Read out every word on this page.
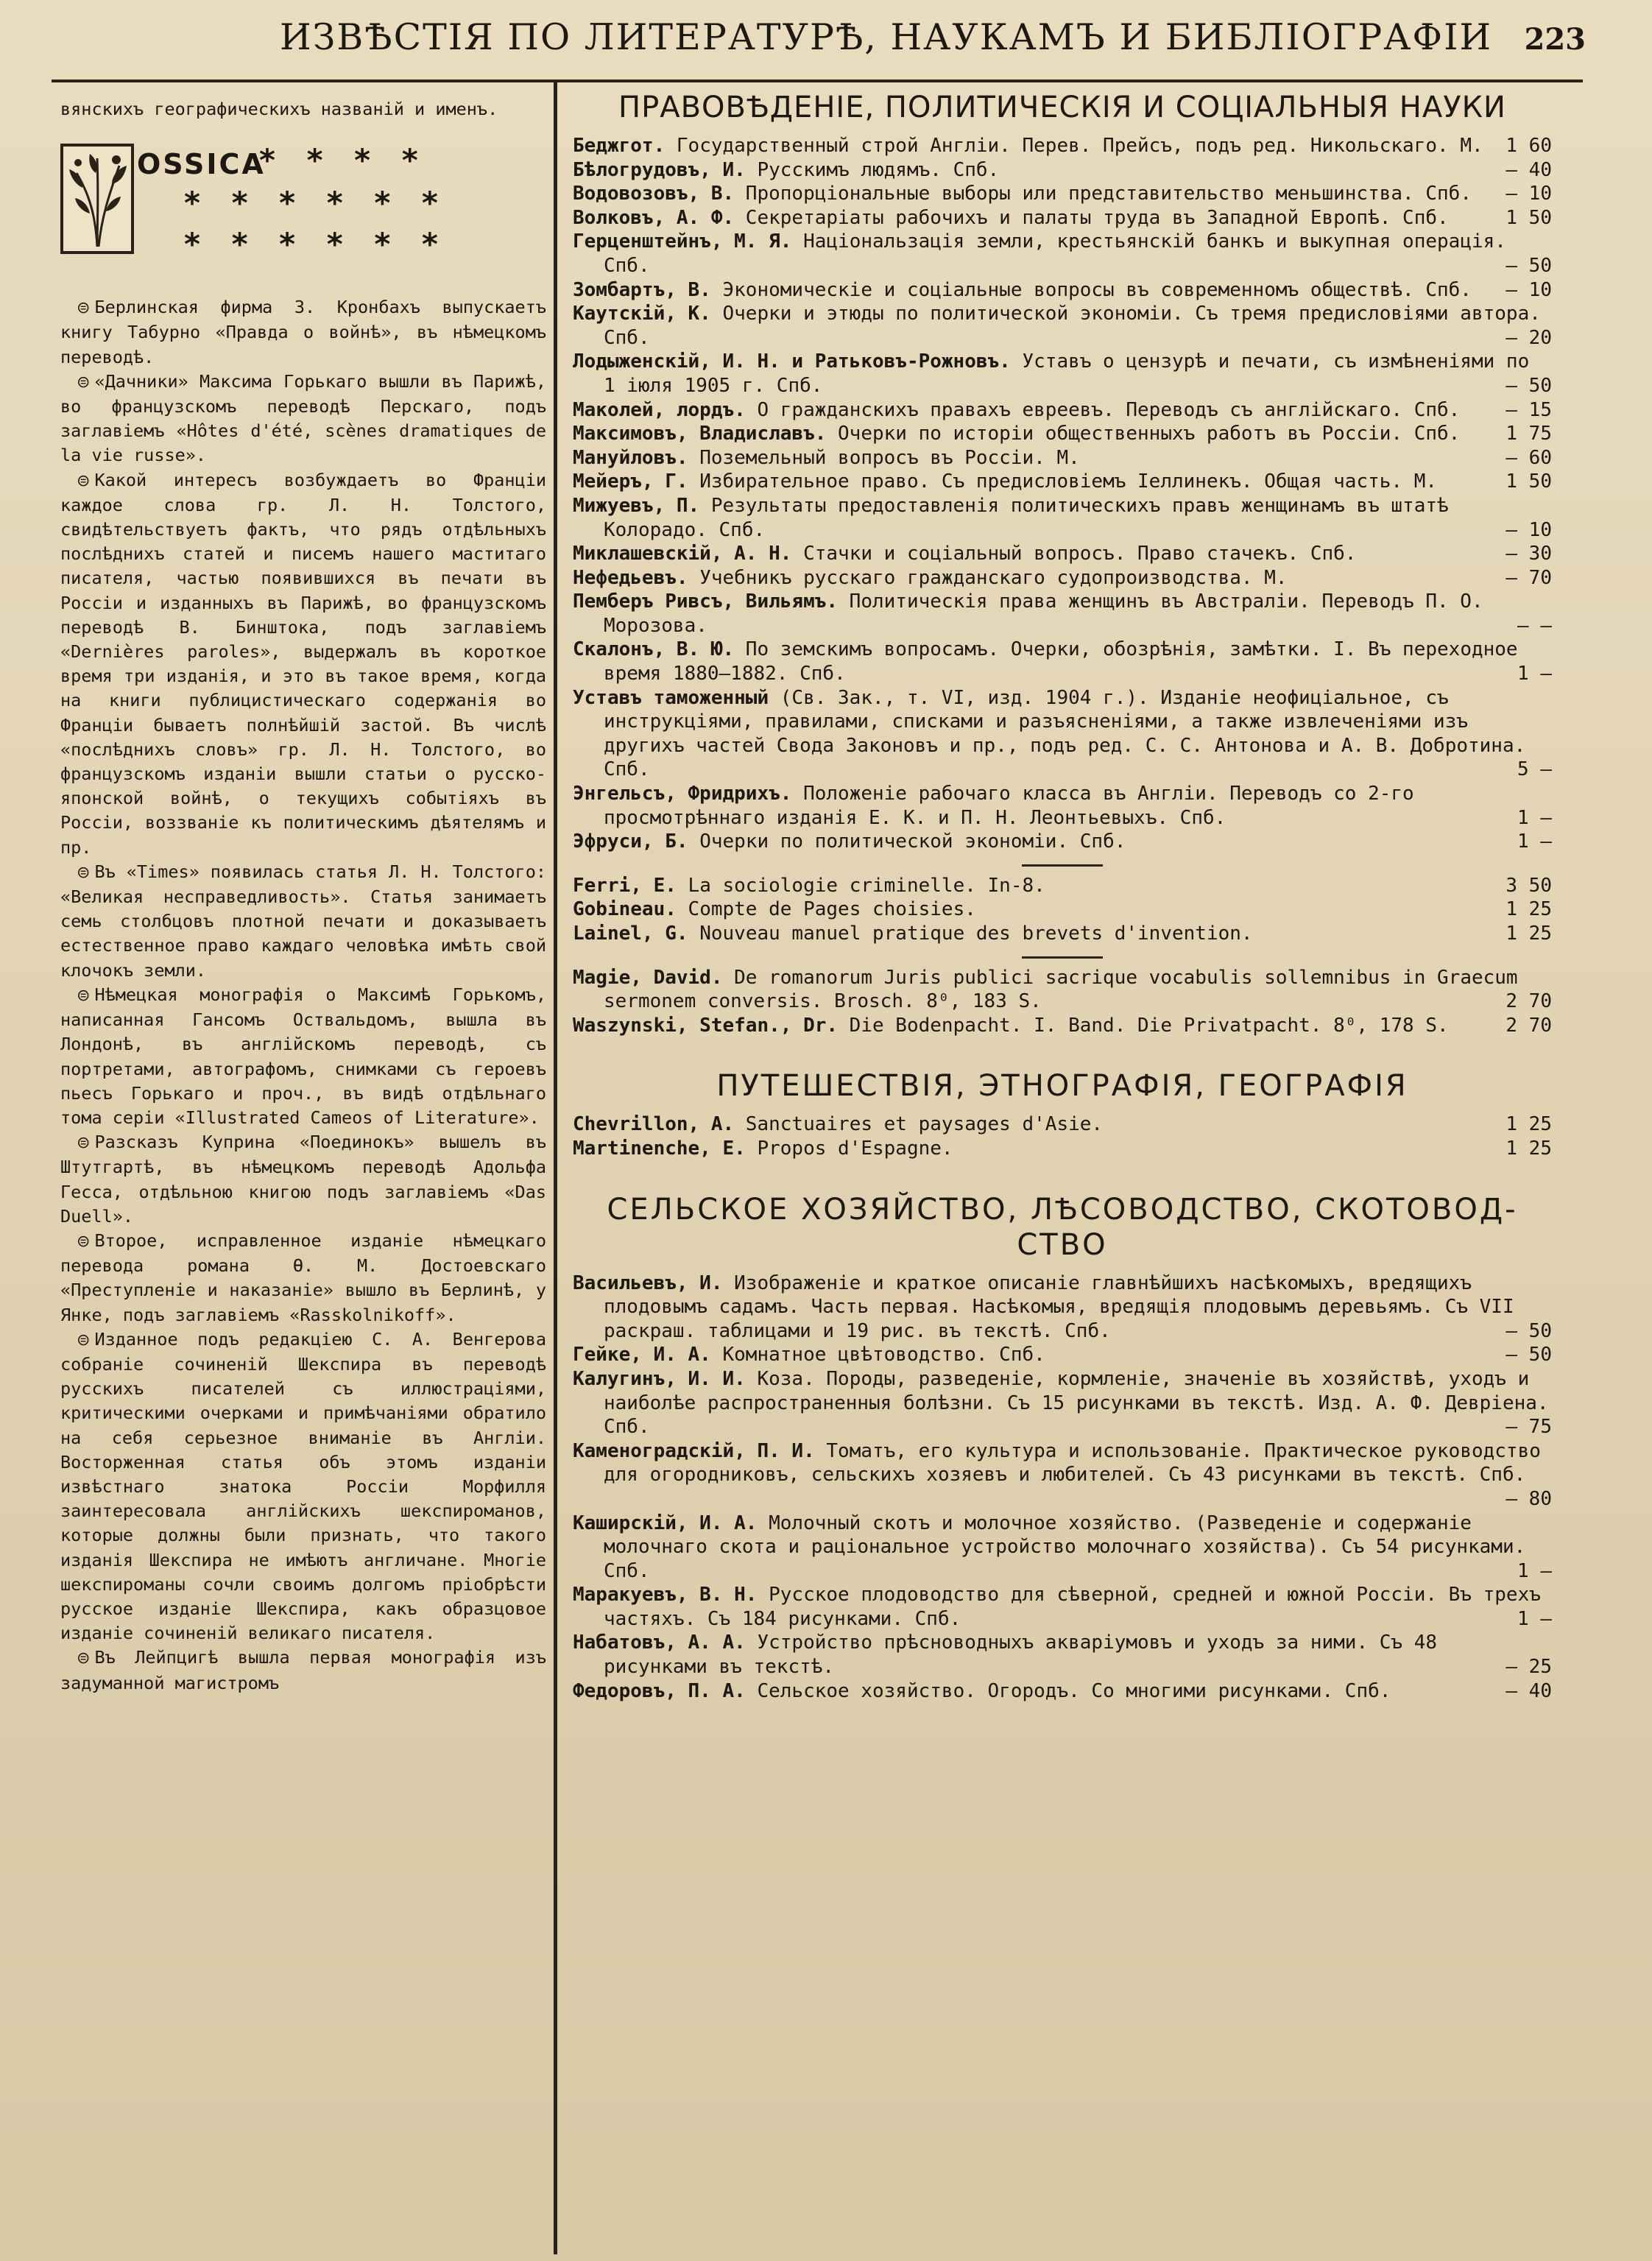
ИЗВѢСТІЯ ПО ЛИТЕРАТУРѢ, НАУКАМЪ И БИБЛІОГРАФІИ 223

вянскихъ географическихъ названій и именъ.

OSSICA
* * * *
* * * * * *
* * * * * *

⊜ Берлинская фирма З. Кронбахъ выпускаетъ книгу Табурно «Правда о войнѣ», въ нѣмецкомъ переводѣ.

⊜ «Дачники» Максима Горькаго вышли въ Парижѣ, во французскомъ переводѣ Перскаго, подъ заглавіемъ «Hôtes d'été, scènes dramatiques de la vie russe».

⊜ Какой интересъ возбуждаетъ во Франціи каждое слова гр. Л. Н. Толстого, свидѣтельствуетъ фактъ, что рядъ отдѣльныхъ послѣднихъ статей и писемъ нашего маститаго писателя, частью появившихся въ печати въ Россіи и изданныхъ въ Парижѣ, во французскомъ переводѣ В. Бинштока, подъ заглавіемъ «Dernières paroles», выдержалъ въ короткое время три изданія, и это въ такое время, когда на книги публицистическаго содержанія во Франціи бываетъ полнѣйшій застой. Въ числѣ «послѣднихъ словъ» гр. Л. Н. Толстого, во французскомъ изданіи вышли статьи о русско-японской войнѣ, о текущихъ событіяхъ въ Россіи, воззваніе къ политическимъ дѣятелямъ и пр.

⊜ Въ «Times» появилась статья Л. Н. Толстого: «Великая несправедливость». Статья занимаетъ семь столбцовъ плотной печати и доказываетъ естественное право каждаго человѣка имѣть свой клочокъ земли.

⊜ Нѣмецкая монографія о Максимѣ Горькомъ, написанная Гансомъ Оствальдомъ, вышла въ Лондонѣ, въ англійскомъ переводѣ, съ портретами, автографомъ, снимками съ героевъ пьесъ Горькаго и проч., въ видѣ отдѣльнаго тома серіи «Illustrated Cameos of Literature».

⊜ Разсказъ Куприна «Поединокъ» вышелъ въ Штутгартѣ, въ нѣмецкомъ переводѣ Адольфа Гесса, отдѣльною книгою подъ заглавіемъ «Das Duell».

⊜ Второе, исправленное изданіе нѣмецкаго перевода романа Ѳ. М. Достоевскаго «Преступленіе и наказаніе» вышло въ Берлинѣ, у Янке, подъ заглавіемъ «Rasskolnikoff».

⊜ Изданное подъ редакціею С. А. Венгерова собраніе сочиненій Шекспира въ переводѣ русскихъ писателей съ иллюстраціями, критическими очерками и примѣчаніями обратило на себя серьезное вниманіе въ Англіи. Восторженная статья объ этомъ изданіи извѣстнаго знатока Россіи Морфилля заинтересовала англійскихъ шекспироманов, которые должны были признать, что такого изданія Шекспира не имѣютъ англичане. Многіе шекспироманы сочли своимъ долгомъ пріобрѣсти русское изданіе Шекспира, какъ образцовое изданіе сочиненій великаго писателя.

⊜ Въ Лейпцигѣ вышла первая монографія изъ задуманной магистромъ

ПРАВОВѢДЕНІЕ, ПОЛИТИЧЕСКІЯ И СОЦІАЛЬНЫЯ НАУКИ
Беджгот. Государственный строй Англіи. Перев. Прейсъ, подъ ред. Никольскаго. М. 1 60
Бѣлогрудовъ, И. Русскимъ людямъ. Спб.	— 40
Водовозовъ, В. Пропорціональные выборы или представительство меньшинства. Спб. — 10
Волковъ, А. Ф. Секретаріаты рабочихъ и палаты труда въ Западной Европѣ. Спб.	1 50
Герценштейнъ, М. Я. Національзація земли, крестьянскій банкъ и выкупная операція. Спб.	— 50
Зомбартъ, В. Экономическіе и соціальные вопросы въ современномъ обществѣ. Спб. — 10
Каутскій, К. Очерки и этюды по политической экономіи. Съ тремя предисловіями автора. Спб.	— 20
Лодыженскій, И. Н. и Ратьковъ-Рожновъ. Уставъ о цензурѣ и печати, съ измѣненіями по 1 іюля 1905 г. Спб.	— 50
Маколей, лордъ. О гражданскихъ правахъ евреевъ. Переводъ съ англійскаго. Спб. — 15
Максимовъ, Владиславъ. Очерки по исторіи общественныхъ работъ въ Россіи. Спб. 1 75
Мануйловъ. Поземельный вопросъ въ Россіи. М.	— 60
Мейеръ, Г. Избирательное право. Съ предисловіемъ Іеллинекъ. Общая часть. М.	1 50
Мижуевъ, П. Результаты предоставленія политическихъ правъ женщинамъ въ штатѣ Колорадо. Спб.	— 10
Миклашевскій, А. Н. Стачки и соціальный вопросъ. Право стачекъ. Спб.	— 30
Нефедьевъ. Учебникъ русскаго гражданскаго судопроизводства. М.	— 70
Пемберъ Ривсъ, Вильямъ. Политическія права женщинъ въ Австраліи. Переводъ П. О. Морозова.	— —
Скалонъ, В. Ю. По земскимъ вопросамъ. Очерки, обозрѣнія, замѣтки. I. Въ переходное время 1880—1882. Спб.	1 —
Уставъ таможенный (Св. Зак., т. VI, изд. 1904 г.). Изданіе неофиціальное, съ инструкціями, правилами, списками и разъясненіями, а также извлеченіями изъ другихъ частей Свода Законовъ и пр., подъ ред. С. С. Антонова и А. В. Добротина. Спб.	5 —
Энгельсъ, Фридрихъ. Положеніе рабочаго класса въ Англіи. Переводъ со 2-го просмотрѣннаго изданія Е. К. и П. Н. Леонтьевыхъ. Спб.	1 —
Эфруси, Б. Очерки по политической экономіи. Спб.	1 —
Ferri, E. La sociologie criminelle. In-8.	3 50
Gobineau. Compte de Pages choisies.	1 25
Lainel, G. Nouveau manuel pratique des brevets d'invention.	1 25
Magie, David. De romanorum Juris publici sacrique vocabulis sollemnibus in Graecum sermonem conversis. Brosch. 8⁰, 183 S.	2 70
Waszynski, Stefan., Dr. Die Bodenpacht. I. Band. Die Privatpacht. 8⁰, 178 S.	2 70
ПУТЕШЕСТВІЯ, ЭТНОГРАФІЯ, ГЕОГРАФІЯ
Chevrillon, A. Sanctuaires et paysages d'Asie.	1 25
Martinenche, E. Propos d'Espagne.	1 25
СЕЛЬСКОЕ ХОЗЯЙСТВО, ЛѢСОВОДСТВО, СКОТОВОД-
СТВО
Васильевъ, И. Изображеніе и краткое описаніе главнѣйшихъ насѣкомыхъ, вредящихъ плодовымъ садамъ. Часть первая. Насѣкомыя, вредящія плодовымъ деревьямъ. Съ VII раскраш. таблицами и 19 рис. въ текстѣ. Спб.	— 50
Гейке, И. А. Комнатное цвѣтоводство. Спб.	— 50
Калугинъ, И. И. Коза. Породы, разведеніе, кормленіе, значеніе въ хозяйствѣ, уходъ и наиболѣе распространенныя болѣзни. Съ 15 рисунками въ текстѣ. Изд. А. Ф. Девріена. Спб.	— 75
Каменоградскій, П. И. Томатъ, его культура и использованіе. Практическое руководство для огородниковъ, сельскихъ хозяевъ и любителей. Съ 43 рисунками въ текстѣ. Спб.
— 80
Каширскій, И. А. Молочный скотъ и молочное хозяйство. (Разведеніе и содержаніе молочнаго скота и раціональное устройство молочнаго хозяйства). Съ 54 рисунками. Спб.	1 —
Маракуевъ, В. Н. Русское плодоводство для сѣверной, средней и южной Россіи. Въ трехъ частяхъ. Съ 184 рисунками. Спб.	1 —
Набатовъ, А. А. Устройство прѣсноводныхъ акваріумовъ и уходъ за ними. Съ 48 рисунками въ текстѣ.	— 25
Федоровъ, П. А. Сельское хозяйство. Огородъ. Со многими рисунками. Спб.	— 40
